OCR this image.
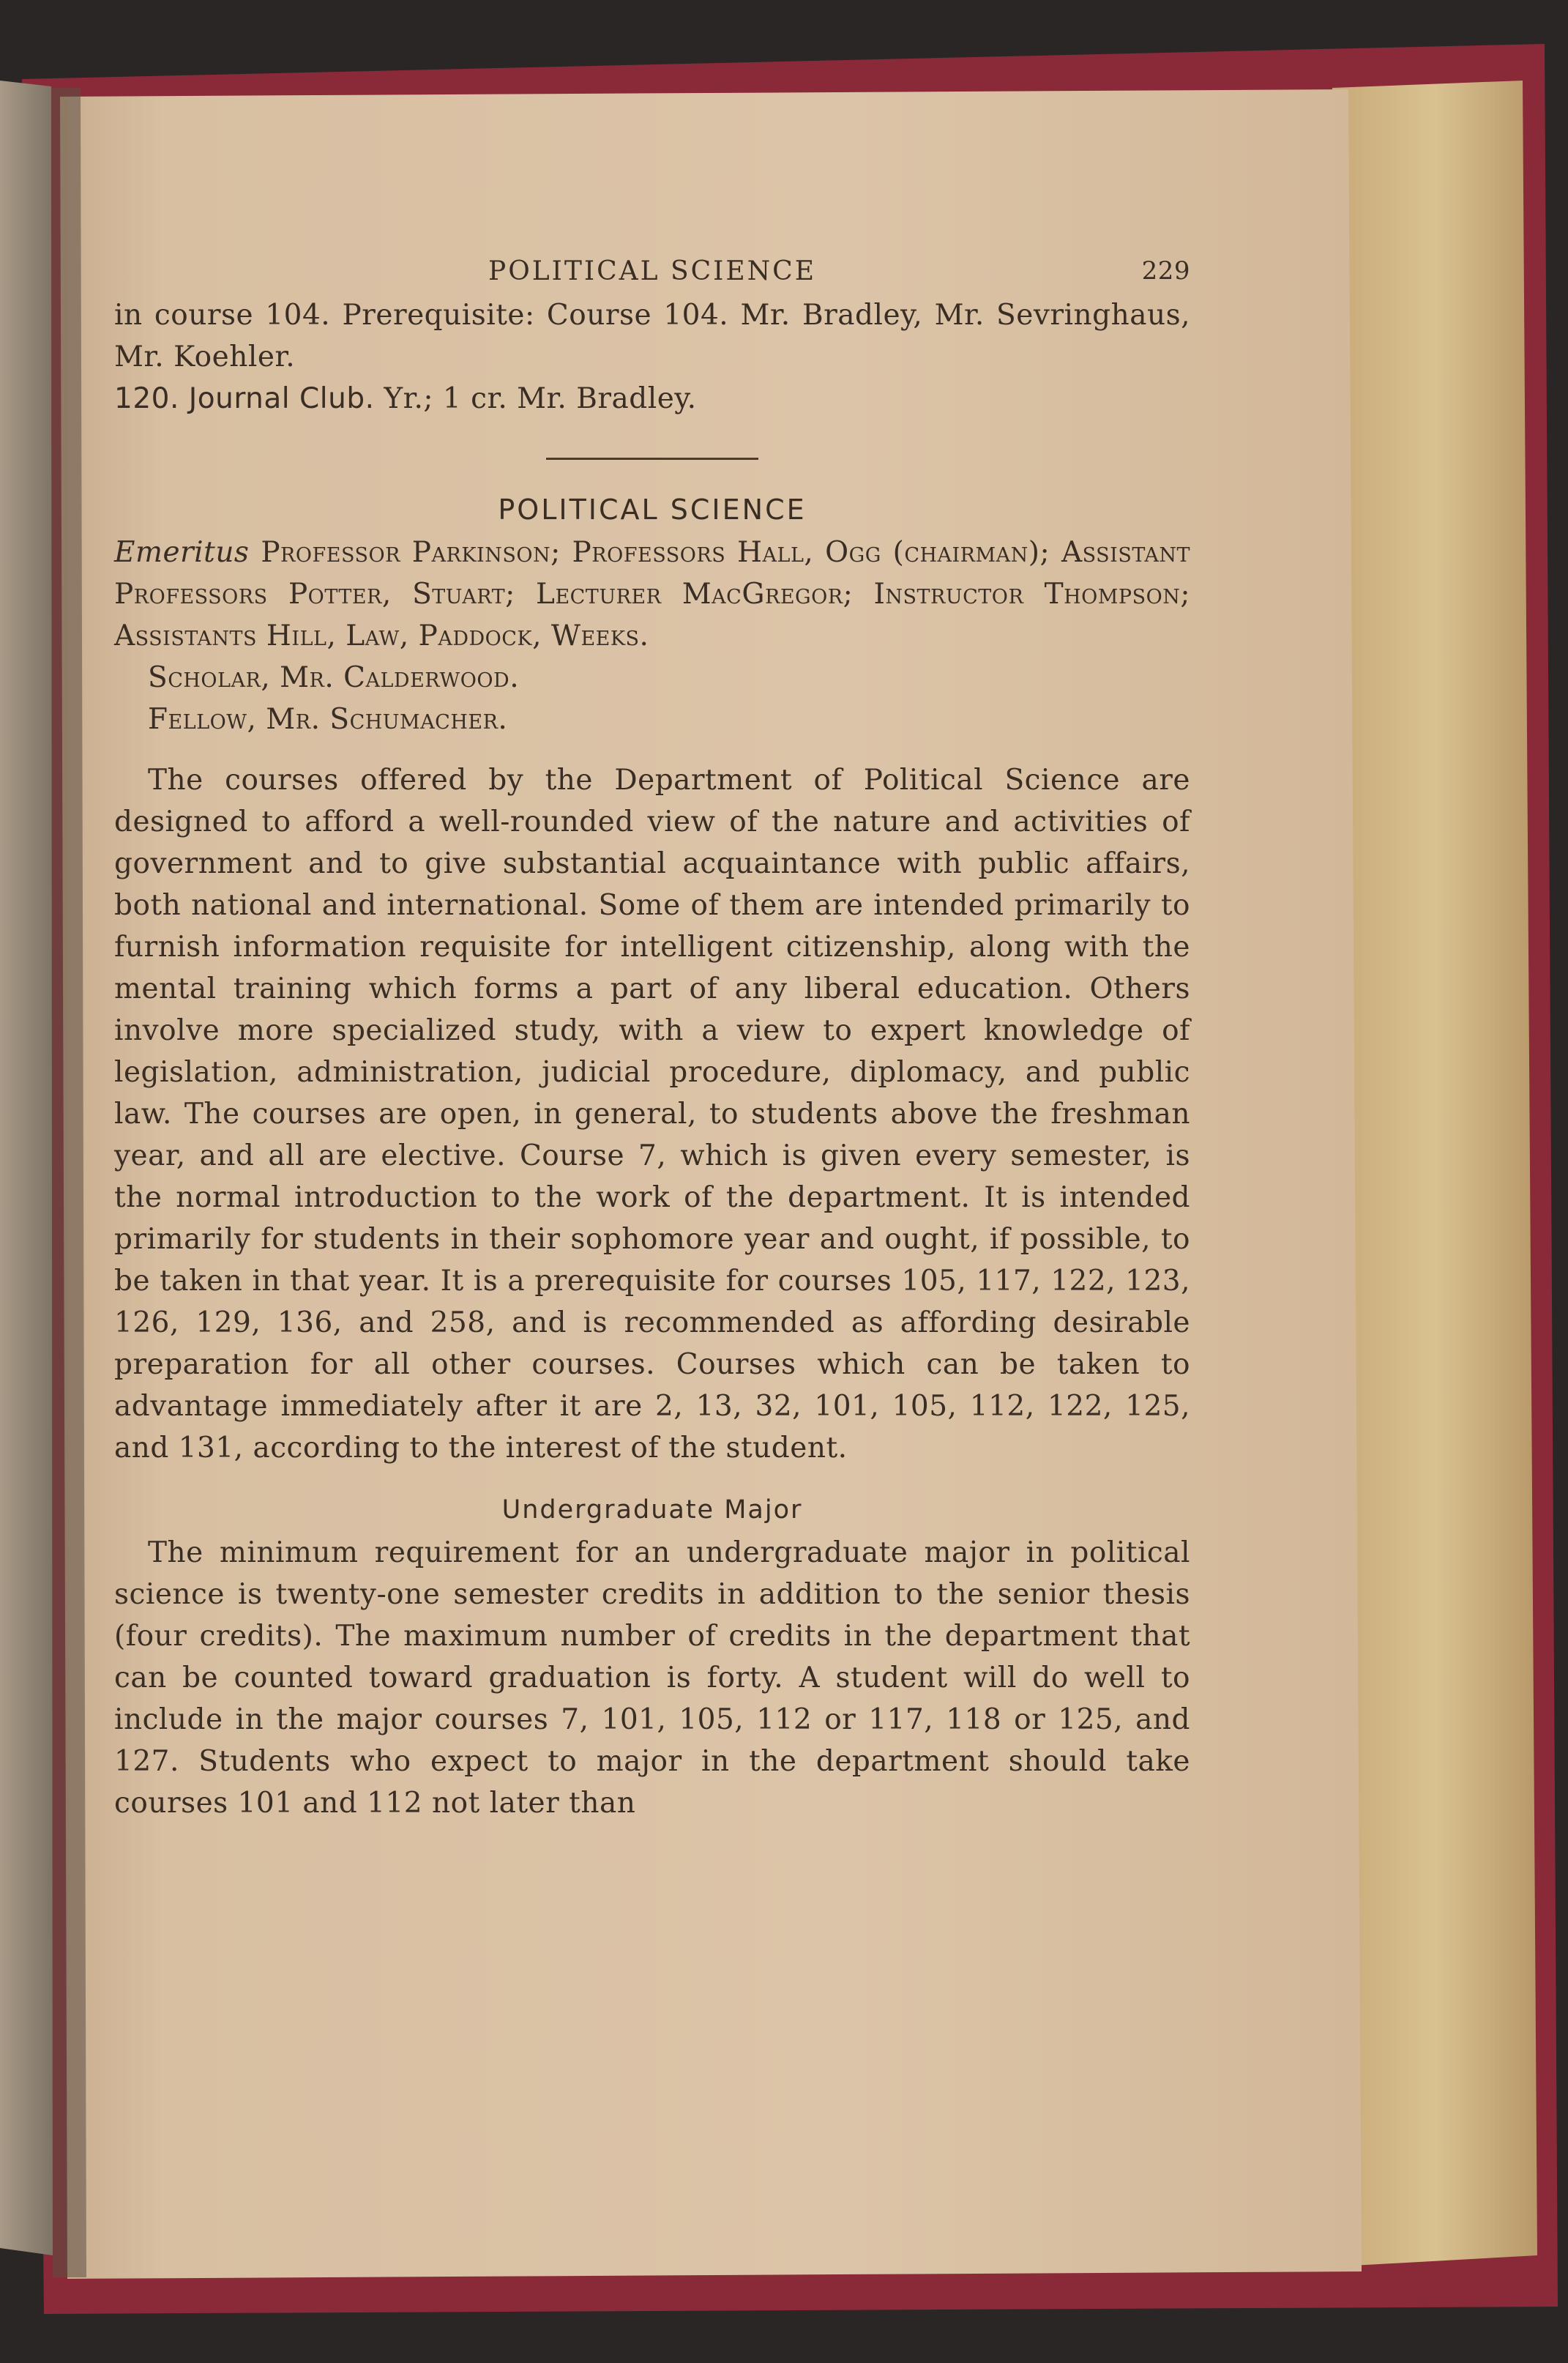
POLITICAL SCIENCE	229

in course 104. Prerequisite: Course 104. Mr. Bradley, Mr. Sevringhaus, Mr. Koehler.

120. Journal Club. Yr.; 1 cr. Mr. Bradley.

POLITICAL SCIENCE

Emeritus Professor Parkinson; Professors Hall, Ogg (chairman); Assistant Professors Potter, Stuart; Lecturer MacGregor; Instructor Thompson; Assistants Hill, Law, Paddock, Weeks.

Scholar, Mr. Calderwood.

Fellow, Mr. Schumacher.

The courses offered by the Department of Political Science are designed to afford a well-rounded view of the nature and activities of government and to give substantial acquaintance with public affairs, both national and international. Some of them are intended primarily to furnish information requisite for intelligent citizenship, along with the mental training which forms a part of any liberal education. Others involve more specialized study, with a view to expert knowledge of legislation, administration, judicial procedure, diplomacy, and public law. The courses are open, in general, to students above the freshman year, and all are elective. Course 7, which is given every semester, is the normal introduction to the work of the department. It is intended primarily for students in their sophomore year and ought, if possible, to be taken in that year. It is a prerequisite for courses 105, 117, 122, 123, 126, 129, 136, and 258, and is recommended as affording desirable preparation for all other courses. Courses which can be taken to advantage immediately after it are 2, 13, 32, 101, 105, 112, 122, 125, and 131, according to the interest of the student.

Undergraduate Major

The minimum requirement for an undergraduate major in political science is twenty-one semester credits in addition to the senior thesis (four credits). The maximum number of credits in the department that can be counted toward graduation is forty. A student will do well to include in the major courses 7, 101, 105, 112 or 117, 118 or 125, and 127. Students who expect to major in the department should take courses 101 and 112 not later than
